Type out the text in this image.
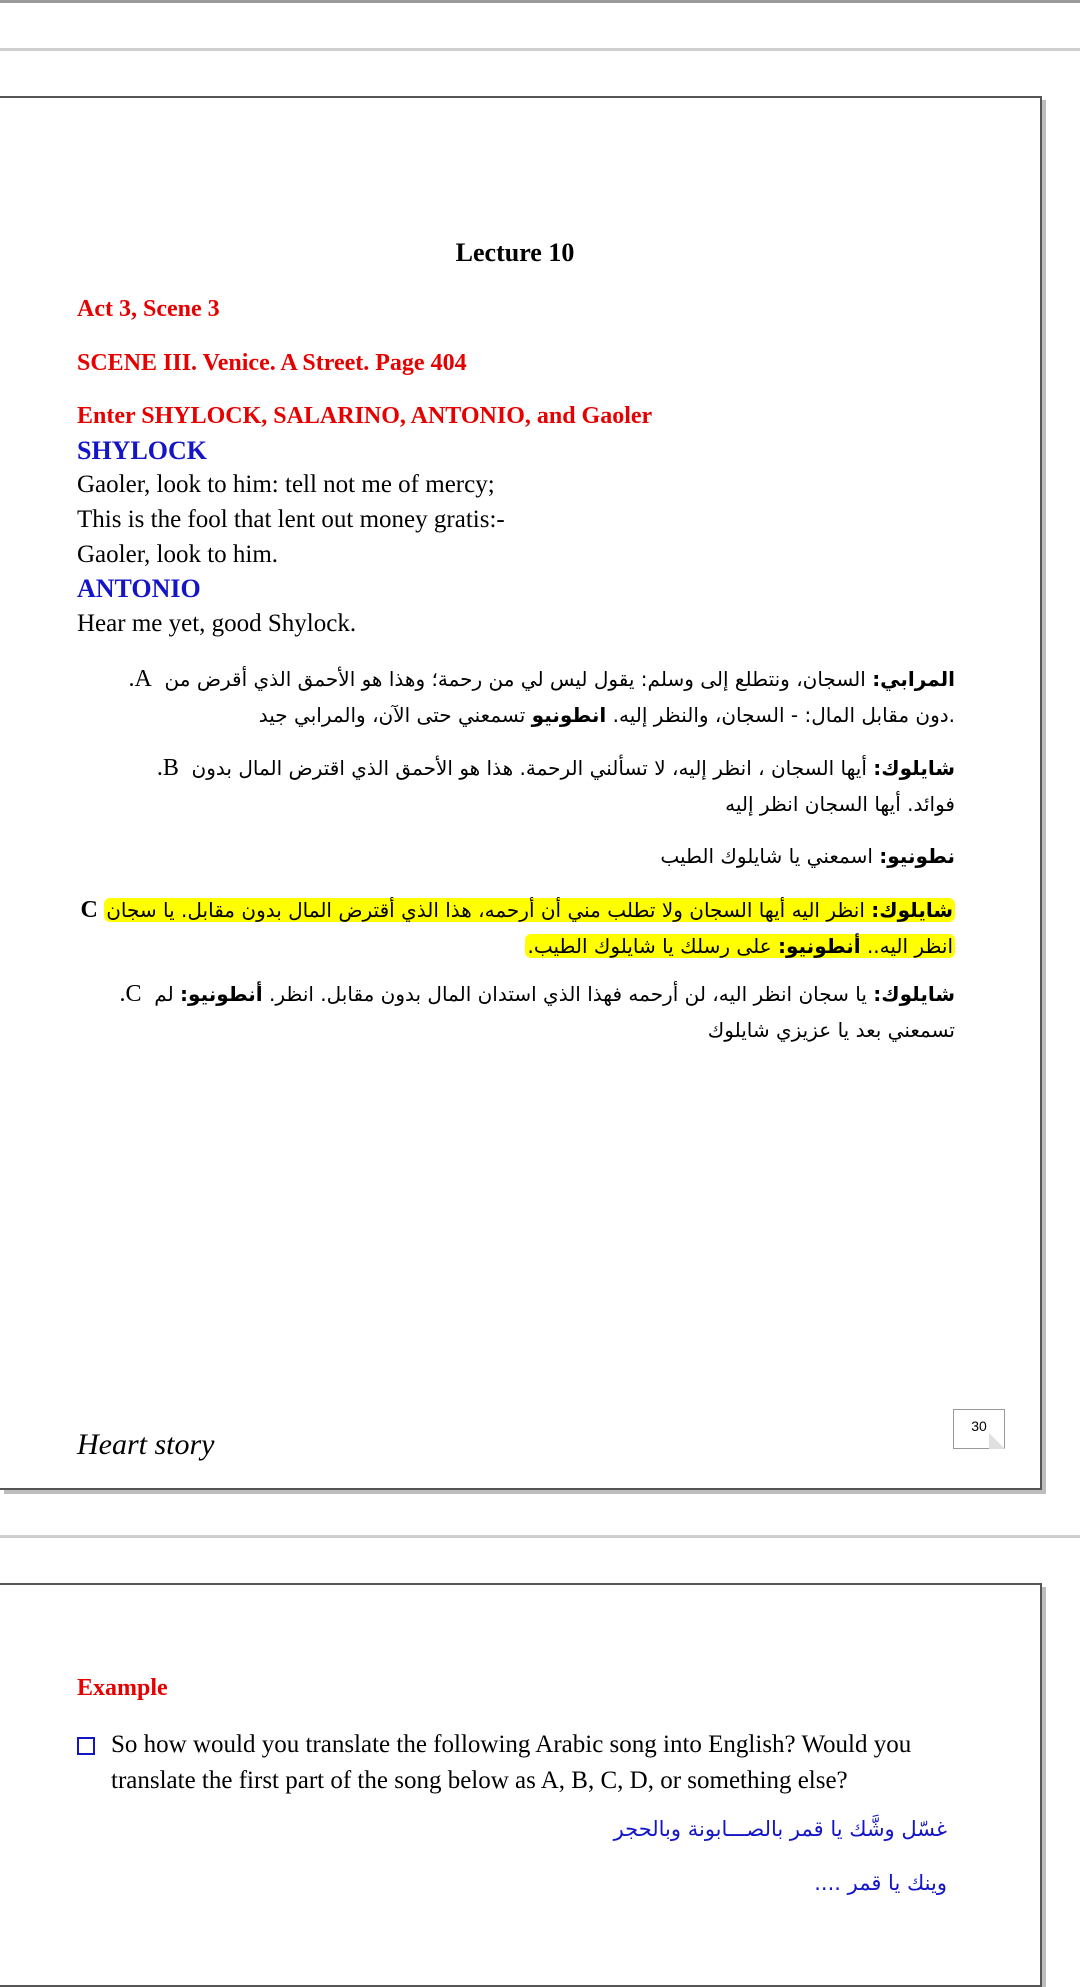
Lecture 10
Act 3, Scene 3
SCENE III. Venice. A Street. Page 404
Enter SHYLOCK, SALARINO, ANTONIO, and Gaoler
SHYLOCK
Gaoler, look to him: tell not me of mercy;
This is the fool that lent out money gratis:-
Gaoler, look to him.
ANTONIO
Hear me yet, good Shylock.
المرابي: السجان، ونتطلع إلى وسلم: يقول ليس لي من رحمة؛ وهذا هو الأحمق الذي أقرض من  A.
.دون مقابل المال: - السجان، والنظر إليه. انطونيو تسمعني حتى الآن، والمرابي جيد
شايلوك: أيها السجان ، انظر إليه، لا تسألني الرحمة. هذا هو الأحمق الذي اقترض المال بدون  B.
فوائد. أيها السجان انظر إليه
نطونيو: اسمعني يا شايلوك الطيب
شايلوك: انظر اليه أيها السجان ولا تطلب مني أن أرحمه، هذا الذي أقترض المال بدون مقابل. يا سجان C
انظر اليه.. أنطونيو: على رسلك يا شايلوك الطيب.
شايلوك: يا سجان انظر اليه، لن أرحمه فهذا الذي استدان المال بدون مقابل. انظر. أنطونيو: لم  C.
تسمعني بعد يا عزيزي شايلوك
Heart story
30
Example
So how would you translate the following Arabic song into English? Would you translate the first part of the song below as A, B, C, D, or something else?
غسّل وشَّك يا قمر بالصـــابونة وبالحجر
وينك يا قمر ....
